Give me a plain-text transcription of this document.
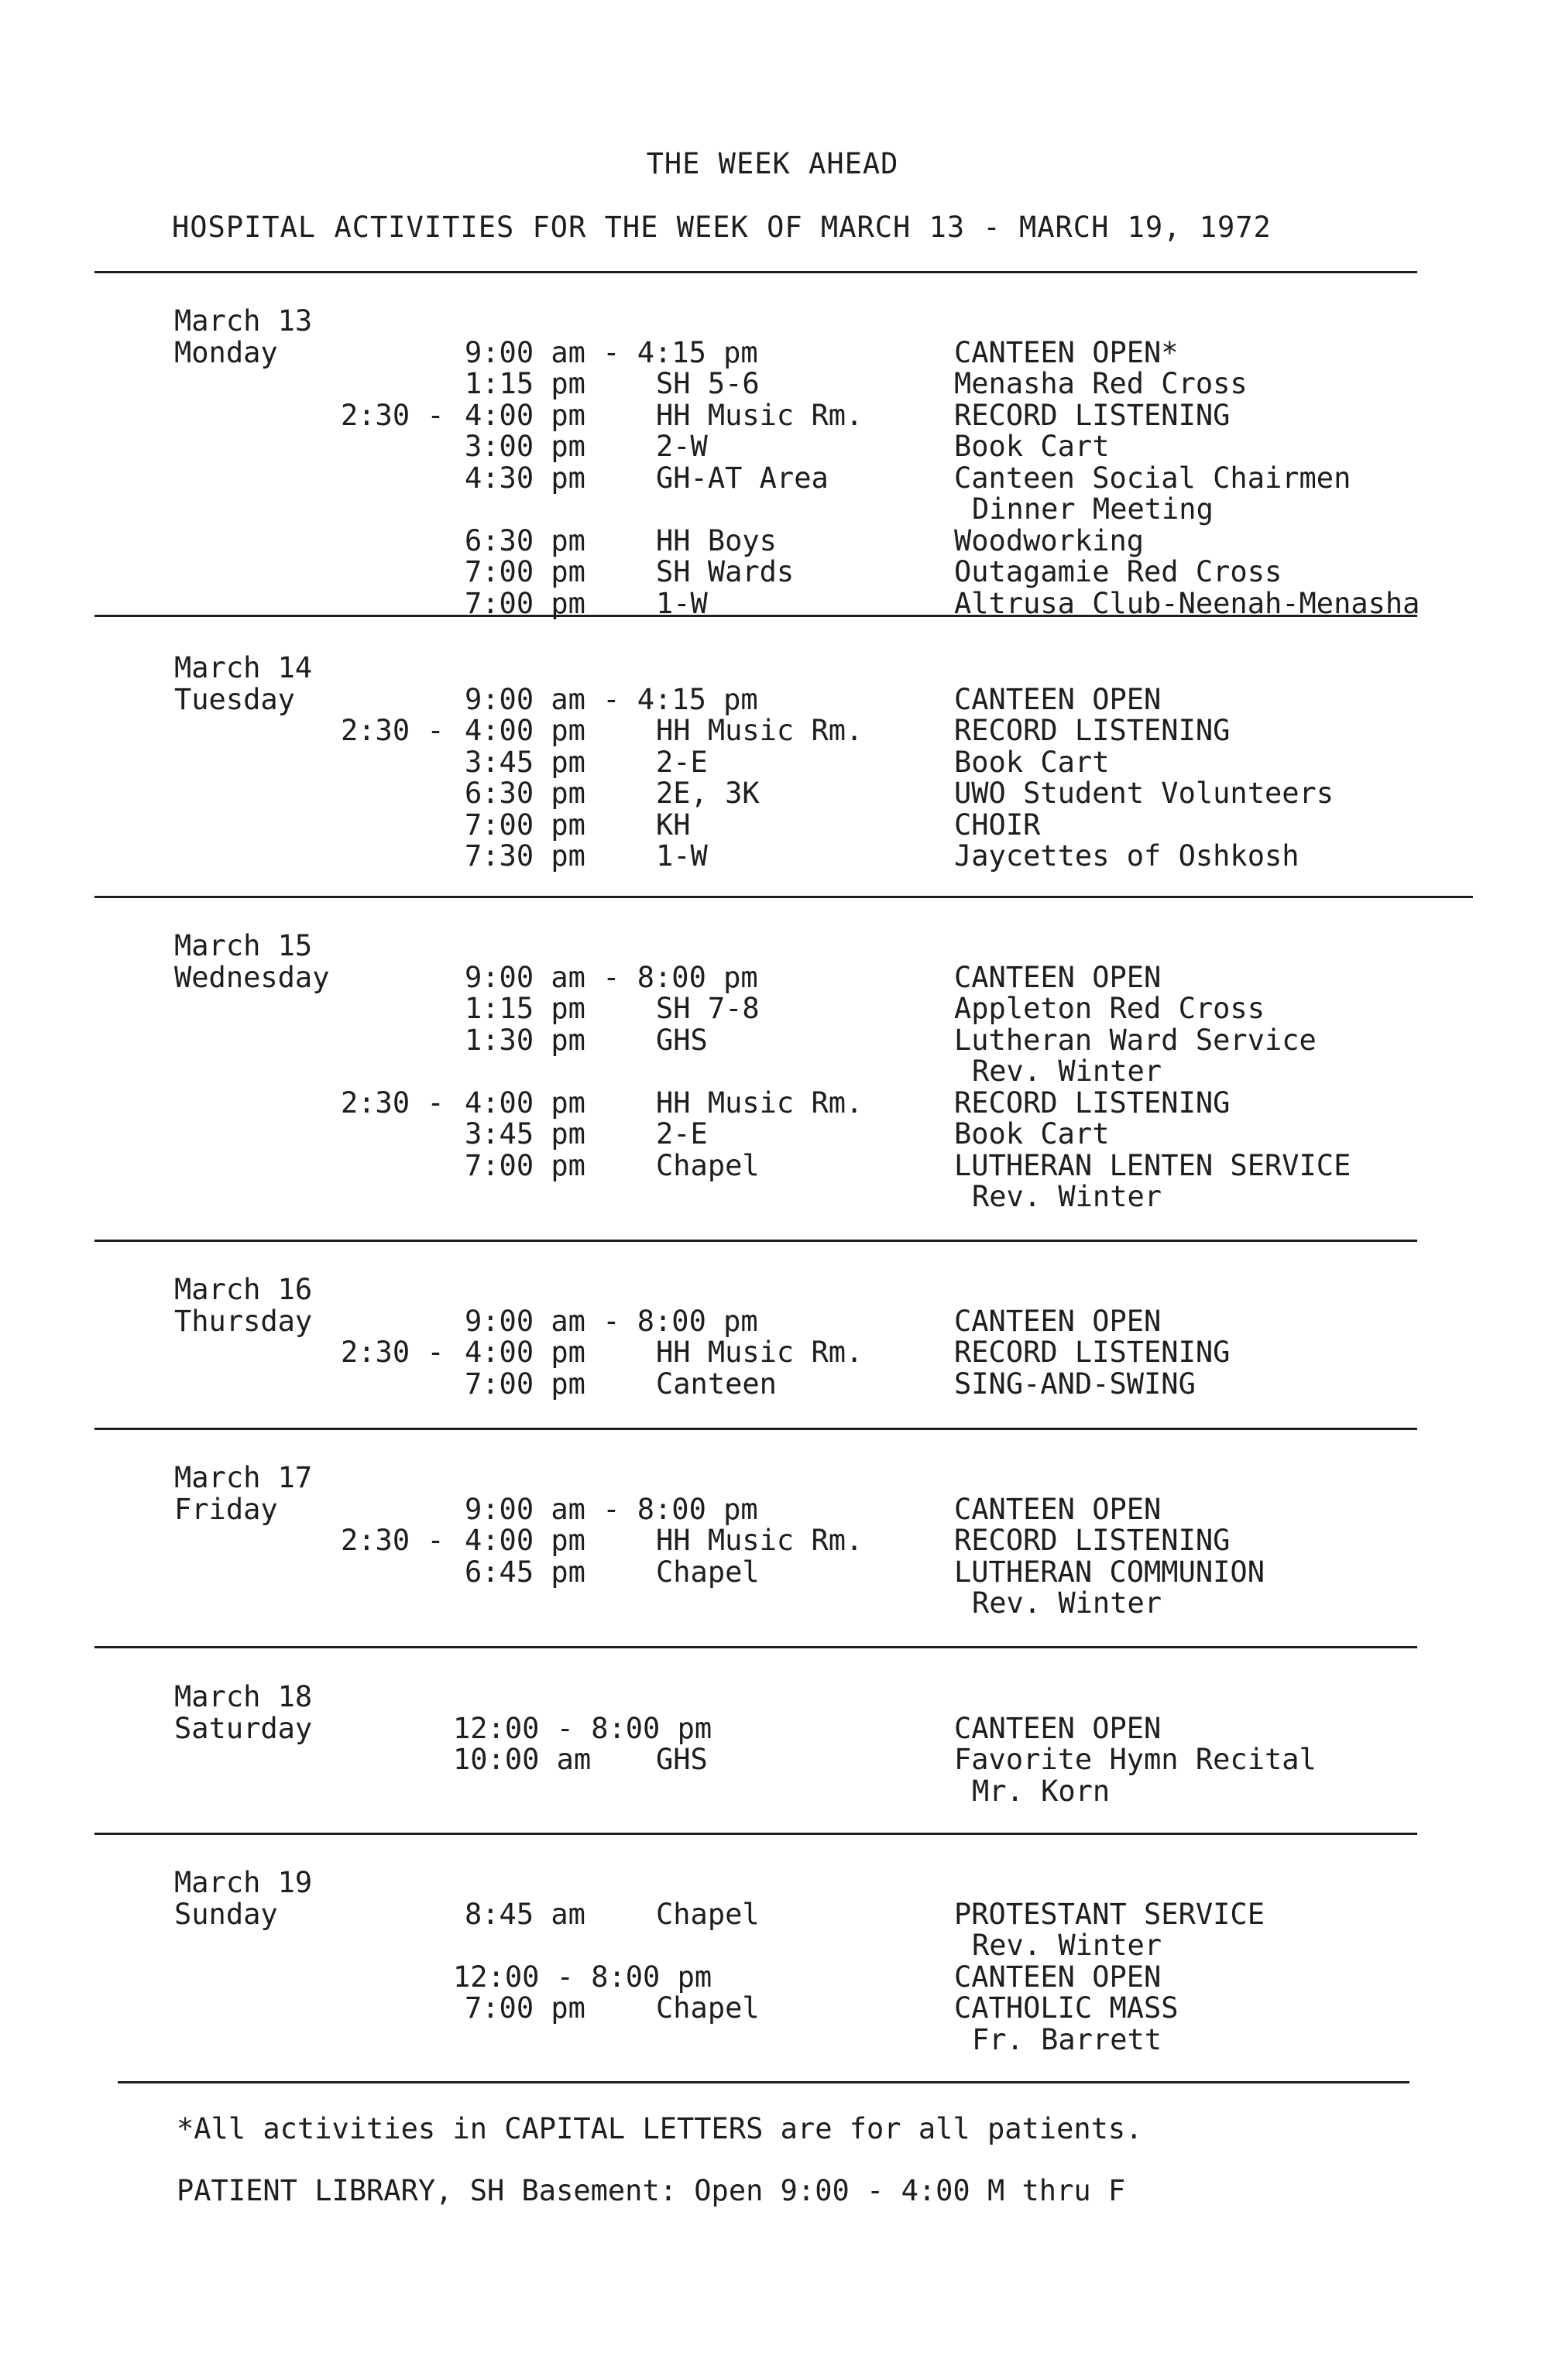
THE WEEK AHEAD
HOSPITAL ACTIVITIES FOR THE WEEK OF MARCH 13 - MARCH 19, 1972
March 13
Monday	9:00 am - 4:15 pm	CANTEEN OPEN*
1:15 pm SH 5-6	Menasha Red Cross
2:30 - 4:00 pm HH Music Rm.	RECORD LISTENING
3:00 pm 2-W	Book Cart
4:30 pm GH-AT Area	Canteen Social Chairmen
Dinner Meeting
6:30 pm HH Boys	Woodworking
7:00 pm SH Wards	Outagamie Red Cross
7:00 pm 1-W	Altrusa Club-Neenah-Menasha
March 14
Tuesday	9:00 am - 4:15 pm	CANTEEN OPEN
2:30 - 4:00 pm HH Music Rm.	RECORD LISTENING
3:45 pm 2-E	Book Cart
6:30 pm 2E, 3K	UWO Student Volunteers
7:00 pm KH	CHOIR
7:30 pm 1-W	Jaycettes of Oshkosh
March 15
Wednesday	9:00 am - 8:00 pm	CANTEEN OPEN
1:15 pm SH 7-8	Appleton Red Cross
1:30 pm GHS	Lutheran Ward Service
Rev. Winter
2:30 - 4:00 pm HH Music Rm.	RECORD LISTENING
3:45 pm 2-E	Book Cart
7:00 pm Chapel	LUTHERAN LENTEN SERVICE
Rev. Winter
March 16
Thursday	9:00 am - 8:00 pm	CANTEEN OPEN
2:30 - 4:00 pm HH Music Rm.	RECORD LISTENING
7:00 pm Canteen	SING-AND-SWING
March 17
Friday	9:00 am - 8:00 pm	CANTEEN OPEN
2:30 - 4:00 pm HH Music Rm.	RECORD LISTENING
6:45 pm Chapel	LUTHERAN COMMUNION
Rev. Winter
March 18
Saturday	12:00 - 8:00 pm	CANTEEN OPEN
10:00 am GHS	Favorite Hymn Recital
Mr. Korn
March 19
Sunday	8:45 am Chapel	PROTESTANT SERVICE
Rev. Winter
12:00 - 8:00 pm	CANTEEN OPEN
7:00 pm Chapel	CATHOLIC MASS
Fr. Barrett
*All activities in CAPITAL LETTERS are for all patients.
PATIENT LIBRARY, SH Basement: Open 9:00 - 4:00 M thru F
